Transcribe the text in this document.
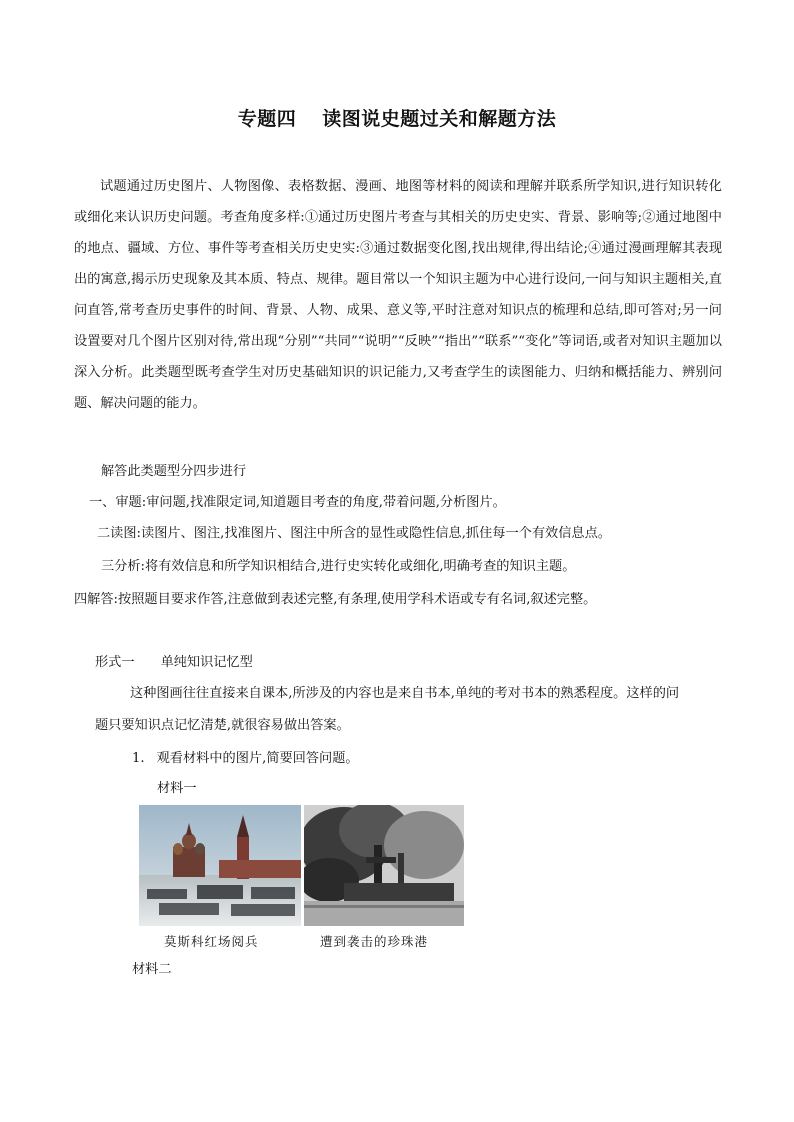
专题四 读图说史题过关和解题方法
试题通过历史图片、人物图像、表格数据、漫画、地图等材料的阅读和理解并联系所学知识,进行知识转化或细化来认识历史问题。考查角度多样:①通过历史图片考查与其相关的历史史实、背景、影响等;②通过地图中的地点、疆域、方位、事件等考查相关历史史实:③通过数据变化图,找出规律,得出结论;④通过漫画理解其表现出的寓意,揭示历史现象及其本质、特点、规律。题目常以一个知识主题为中心进行设问,一问与知识主题相关,直问直答,常考查历史事件的时间、背景、人物、成果、意义等,平时注意对知识点的梳理和总结,即可答对;另一问设置要对几个图片区别对待,常出现“分别”“共同”“说明”“反映”“指出”“联系”“变化”等词语,或者对知识主题加以深入分析。此类题型既考查学生对历史基础知识的识记能力,又考查学生的读图能力、归纳和概括能力、辨别问题、解决问题的能力。
解答此类题型分四步进行
一、审题:审问题,找准限定词,知道题目考查的角度,带着问题,分析图片。
二读图:读图片、图注,找准图片、图注中所含的显性或隐性信息,抓住每一个有效信息点。
三分析:将有效信息和所学知识相结合,进行史实转化或细化,明确考查的知识主题。
四解答:按照题目要求作答,注意做到表述完整,有条理,使用学科术语或专有名词,叙述完整。
形式一 单纯知识记忆型
这种图画往往直接来自课本,所涉及的内容也是来自书本,单纯的考对书本的熟悉程度。这样的问
题只要知识点记忆清楚,就很容易做出答案。
1. 观看材料中的图片,简要回答问题。
材料一
莫斯科红场阅兵	遭到袭击的珍珠港
材料二
